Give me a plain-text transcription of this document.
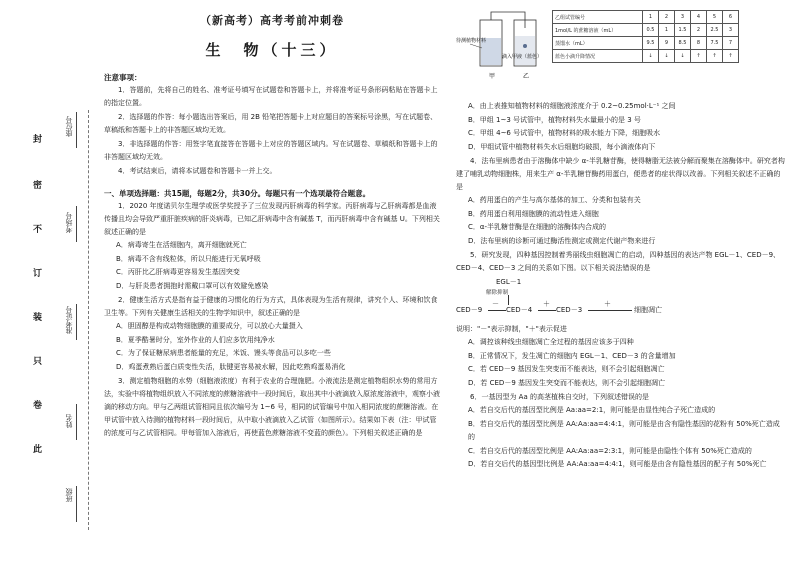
封
密
不
订
装
只
卷
此
座位号
考场号
准考证号
姓名
班级
（新高考）高考考前冲刺卷
生　物（十三）
注意事项：

1．答题前，先将自己的姓名、准考证号填写在试题卷和答题卡上，并将准考证号条形码粘贴在答题卡上的指定位置。

2．选择题的作答：每小题选出答案后，用 2B 铅笔把答题卡上对应题目的答案标号涂黑，写在试题卷、草稿纸和答题卡上的非答题区域均无效。

3．非选择题的作答：用签字笔直接答在答题卡上对应的答题区域内。写在试题卷、草稿纸和答题卡上的非答题区域均无效。

4．考试结束后，请将本试题卷和答题卡一并上交。

一、单项选择题：共15题，每题2分，共30分。每题只有一个选项最符合题意。

1．2020 年度诺贝尔生理学或医学奖授予了三位发现丙肝病毒的科学家。丙肝病毒与乙肝病毒都是血液传播且均会导致严重肝脏疾病的肝炎病毒，已知乙肝病毒中含有碱基 T，而丙肝病毒中含有碱基 U。下列相关叙述正确的是

A．病毒寄生在活细胞内，离开细胞就死亡
B．病毒不含有线粒体，所以只能进行无氧呼吸
C．丙肝比乙肝病毒更容易发生基因突变
D．与肝炎患者拥抱时需戴口罩可以有效避免感染

2．健康生活方式是指有益于健康的习惯化的行为方式，具体表现为生活有规律，讲究个人、环境和饮食卫生等。下列有关健康生活相关的生物学知识中，叙述正确的是

A．胆固醇是构成动物细胞膜的重要成分，可以放心大量摄入
B．夏季酷暑时分，室外作业的人们应多饮用纯净水
C．为了保证糖尿病患者能量的充足，米饭、馒头等食品可以多吃一些
D．鸡蛋煮熟后蛋白质变性失活，肽键更容易被水解，因此吃熟鸡蛋易消化

3．测定植物细胞的水势（细胞液浓度）有利于农业的合理施肥。小液流法是测定植物组织水势的常用方法，实验中将植物组织放入不同浓度的蔗糖溶液中一段时间后，取出其中小液滴放入原浓度溶液中，观察小液滴的移动方向。甲与乙两组试管相同且依次编号为 1~6 号，相同的试管编号中加入相同浓度的蔗糖溶液。在甲试管中放入待测的植物材料一段时间后，从中取小液滴放入乙试管（如图所示）。结果如下表（注：甲试管的浓度可与乙试管相同。甲每管加入溶液后，再使蓝色蔗糖溶液不变蓝的颜色）。下列相关叙述正确的是

待测植物材料
滴入甲液（蓝色）
甲	乙
乙组试管编号	1	2	3	4	5	6
1mol/L 的蔗糖溶液（mL）	0.5	1	1.5	2	2.5	3
蒸馏水（mL）	9.5	9	8.5	8	7.5	7
蓝色小滴升降情况	↓	↓	↓	↑	↑	↑
A．由上表推知植物材料的细胞液浓度介于 0.2~0.25mol·L⁻¹ 之间
B．甲组 1~3 号试管中，植物材料失水量最小的是 3 号
C．甲组 4~6 号试管中，植物材料的吸水能力下降，细胞吸水
D．甲组试管中植物材料失水后细胞均破损，每小滴液体向下

4．法布里病患者由于溶酶体中缺少 α-半乳糖苷酶，使得糖脂无法被分解而聚集在溶酶体中。研究者构建了哺乳动物细胞株，用来生产 α-半乳糖苷酶药用蛋白，便患者的症状得以改善。下列相关叙述不正确的是

A．药用蛋白的产生与高尔基体的加工、分类和包装有关
B．药用蛋白利用细胞膜的流动性进入细胞
C．α-半乳糖苷酶是在细胞的溶酶体内合成的
D．法布里病的诊断可通过酶活性测定或测定代谢产物来进行

5．研究发现，四种基因控制着秀丽线虫细胞凋亡的启动，四种基因的表达产物 EGL－1、CED－9、CED－4、CED－3 之间的关系如下图。以下相关说法错误的是

EGL－1
解除抑制
CED－9
－
CED－4
＋
CED－3
＋
细胞凋亡

说明："－"表示抑制，"＋"表示促进

A．调控该种线虫细胞凋亡全过程的基因应该多于四种
B．正常情况下，发生凋亡的细胞内 EGL－1、CED－3 的含量增加
C．若 CED－9 基因发生突变而不能表达，则不会引起细胞凋亡
D．若 CED－9 基因发生突变而不能表达，则不会引起细胞凋亡

6．一基因型为 Aa 的高茎植株自交时，下列叙述错误的是

A．若自交后代的基因型比例是 Aa:aa=2:1，则可能是由显性纯合子死亡造成的
B．若自交后代的基因型比例是 AA:Aa:aa=4:4:1，则可能是由含有隐性基因的花粉有 50%死亡造成的
C．若自交后代的基因型比例是 AA:Aa:aa=2:3:1，则可能是由隐性个体有 50%死亡造成的
D．若自交后代的基因型比例是 AA:Aa:aa=4:4:1，则可能是由含有隐性基因的配子有 50%死亡
